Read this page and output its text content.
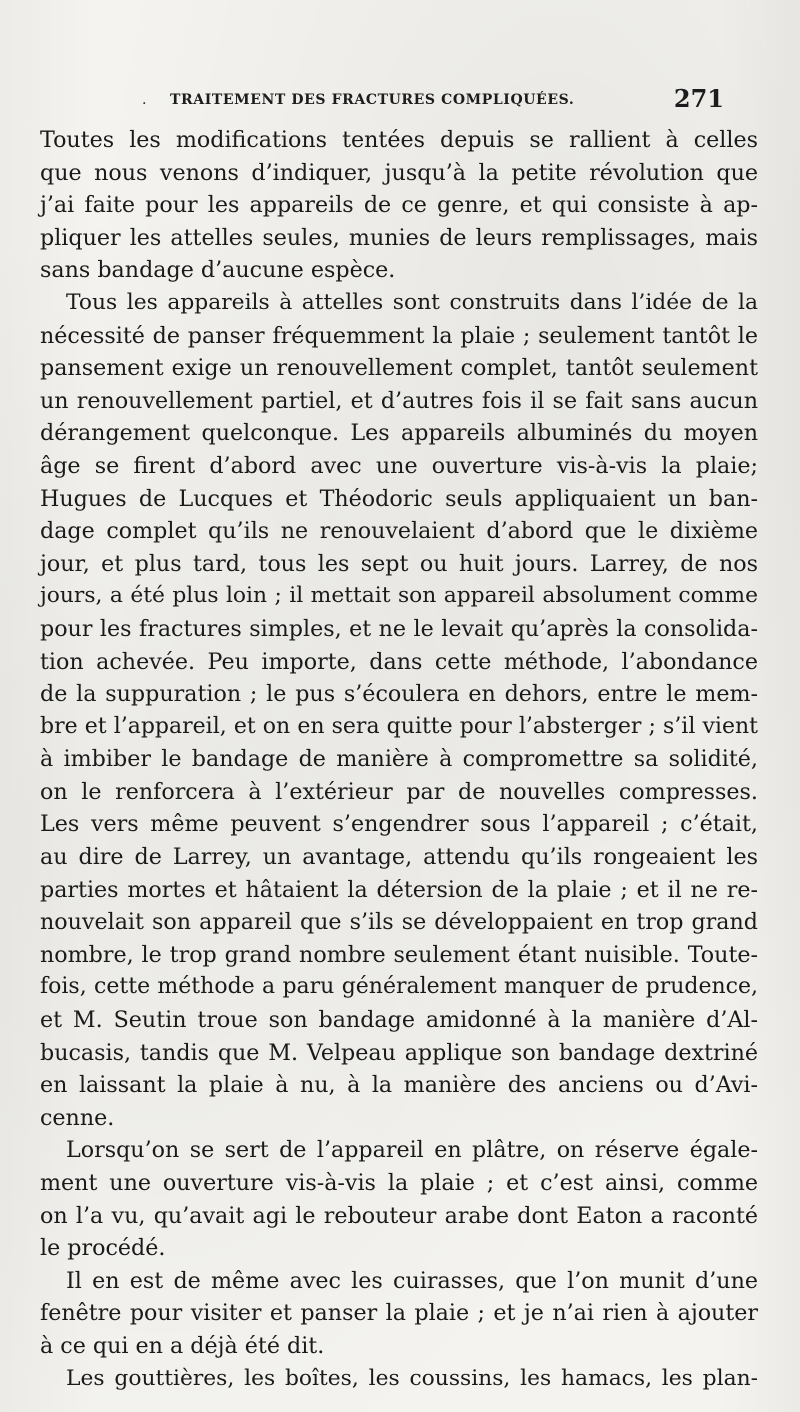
. TRAITEMENT DES FRACTURES COMPLIQUÉES.	271
Toutes les modifications tentées depuis se rallient à celles
que nous venons d’indiquer, jusqu’à la petite révolution que
j’ai faite pour les appareils de ce genre, et qui consiste à ap-
pliquer les attelles seules, munies de leurs remplissages, mais
sans bandage d’aucune espèce.
Tous les appareils à attelles sont construits dans l’idée de la
nécessité de panser fréquemment la plaie ; seulement tantôt le
pansement exige un renouvellement complet, tantôt seulement
un renouvellement partiel, et d’autres fois il se fait sans aucun
dérangement quelconque. Les appareils albuminés du moyen
âge se firent d’abord avec une ouverture vis-à-vis la plaie;
Hugues de Lucques et Théodoric seuls appliquaient un ban-
dage complet qu’ils ne renouvelaient d’abord que le dixième
jour, et plus tard, tous les sept ou huit jours. Larrey, de nos
jours, a été plus loin ; il mettait son appareil absolument comme
pour les fractures simples, et ne le levait qu’après la consolida-
tion achevée. Peu importe, dans cette méthode, l’abondance
de la suppuration ; le pus s’écoulera en dehors, entre le mem-
bre et l’appareil, et on en sera quitte pour l’absterger ; s’il vient
à imbiber le bandage de manière à compromettre sa solidité,
on le renforcera à l’extérieur par de nouvelles compresses.
Les vers même peuvent s’engendrer sous l’appareil ; c’était,
au dire de Larrey, un avantage, attendu qu’ils rongeaient les
parties mortes et hâtaient la détersion de la plaie ; et il ne re-
nouvelait son appareil que s’ils se développaient en trop grand
nombre, le trop grand nombre seulement étant nuisible. Toute-
fois, cette méthode a paru généralement manquer de prudence,
et M. Seutin troue son bandage amidonné à la manière d’Al-
bucasis, tandis que M. Velpeau applique son bandage dextriné
en laissant la plaie à nu, à la manière des anciens ou d’Avi-
cenne.
Lorsqu’on se sert de l’appareil en plâtre, on réserve égale-
ment une ouverture vis-à-vis la plaie ; et c’est ainsi, comme
on l’a vu, qu’avait agi le rebouteur arabe dont Eaton a raconté
le procédé.
Il en est de même avec les cuirasses, que l’on munit d’une
fenêtre pour visiter et panser la plaie ; et je n’ai rien à ajouter
à ce qui en a déjà été dit.
Les gouttières, les boîtes, les coussins, les hamacs, les plan-
